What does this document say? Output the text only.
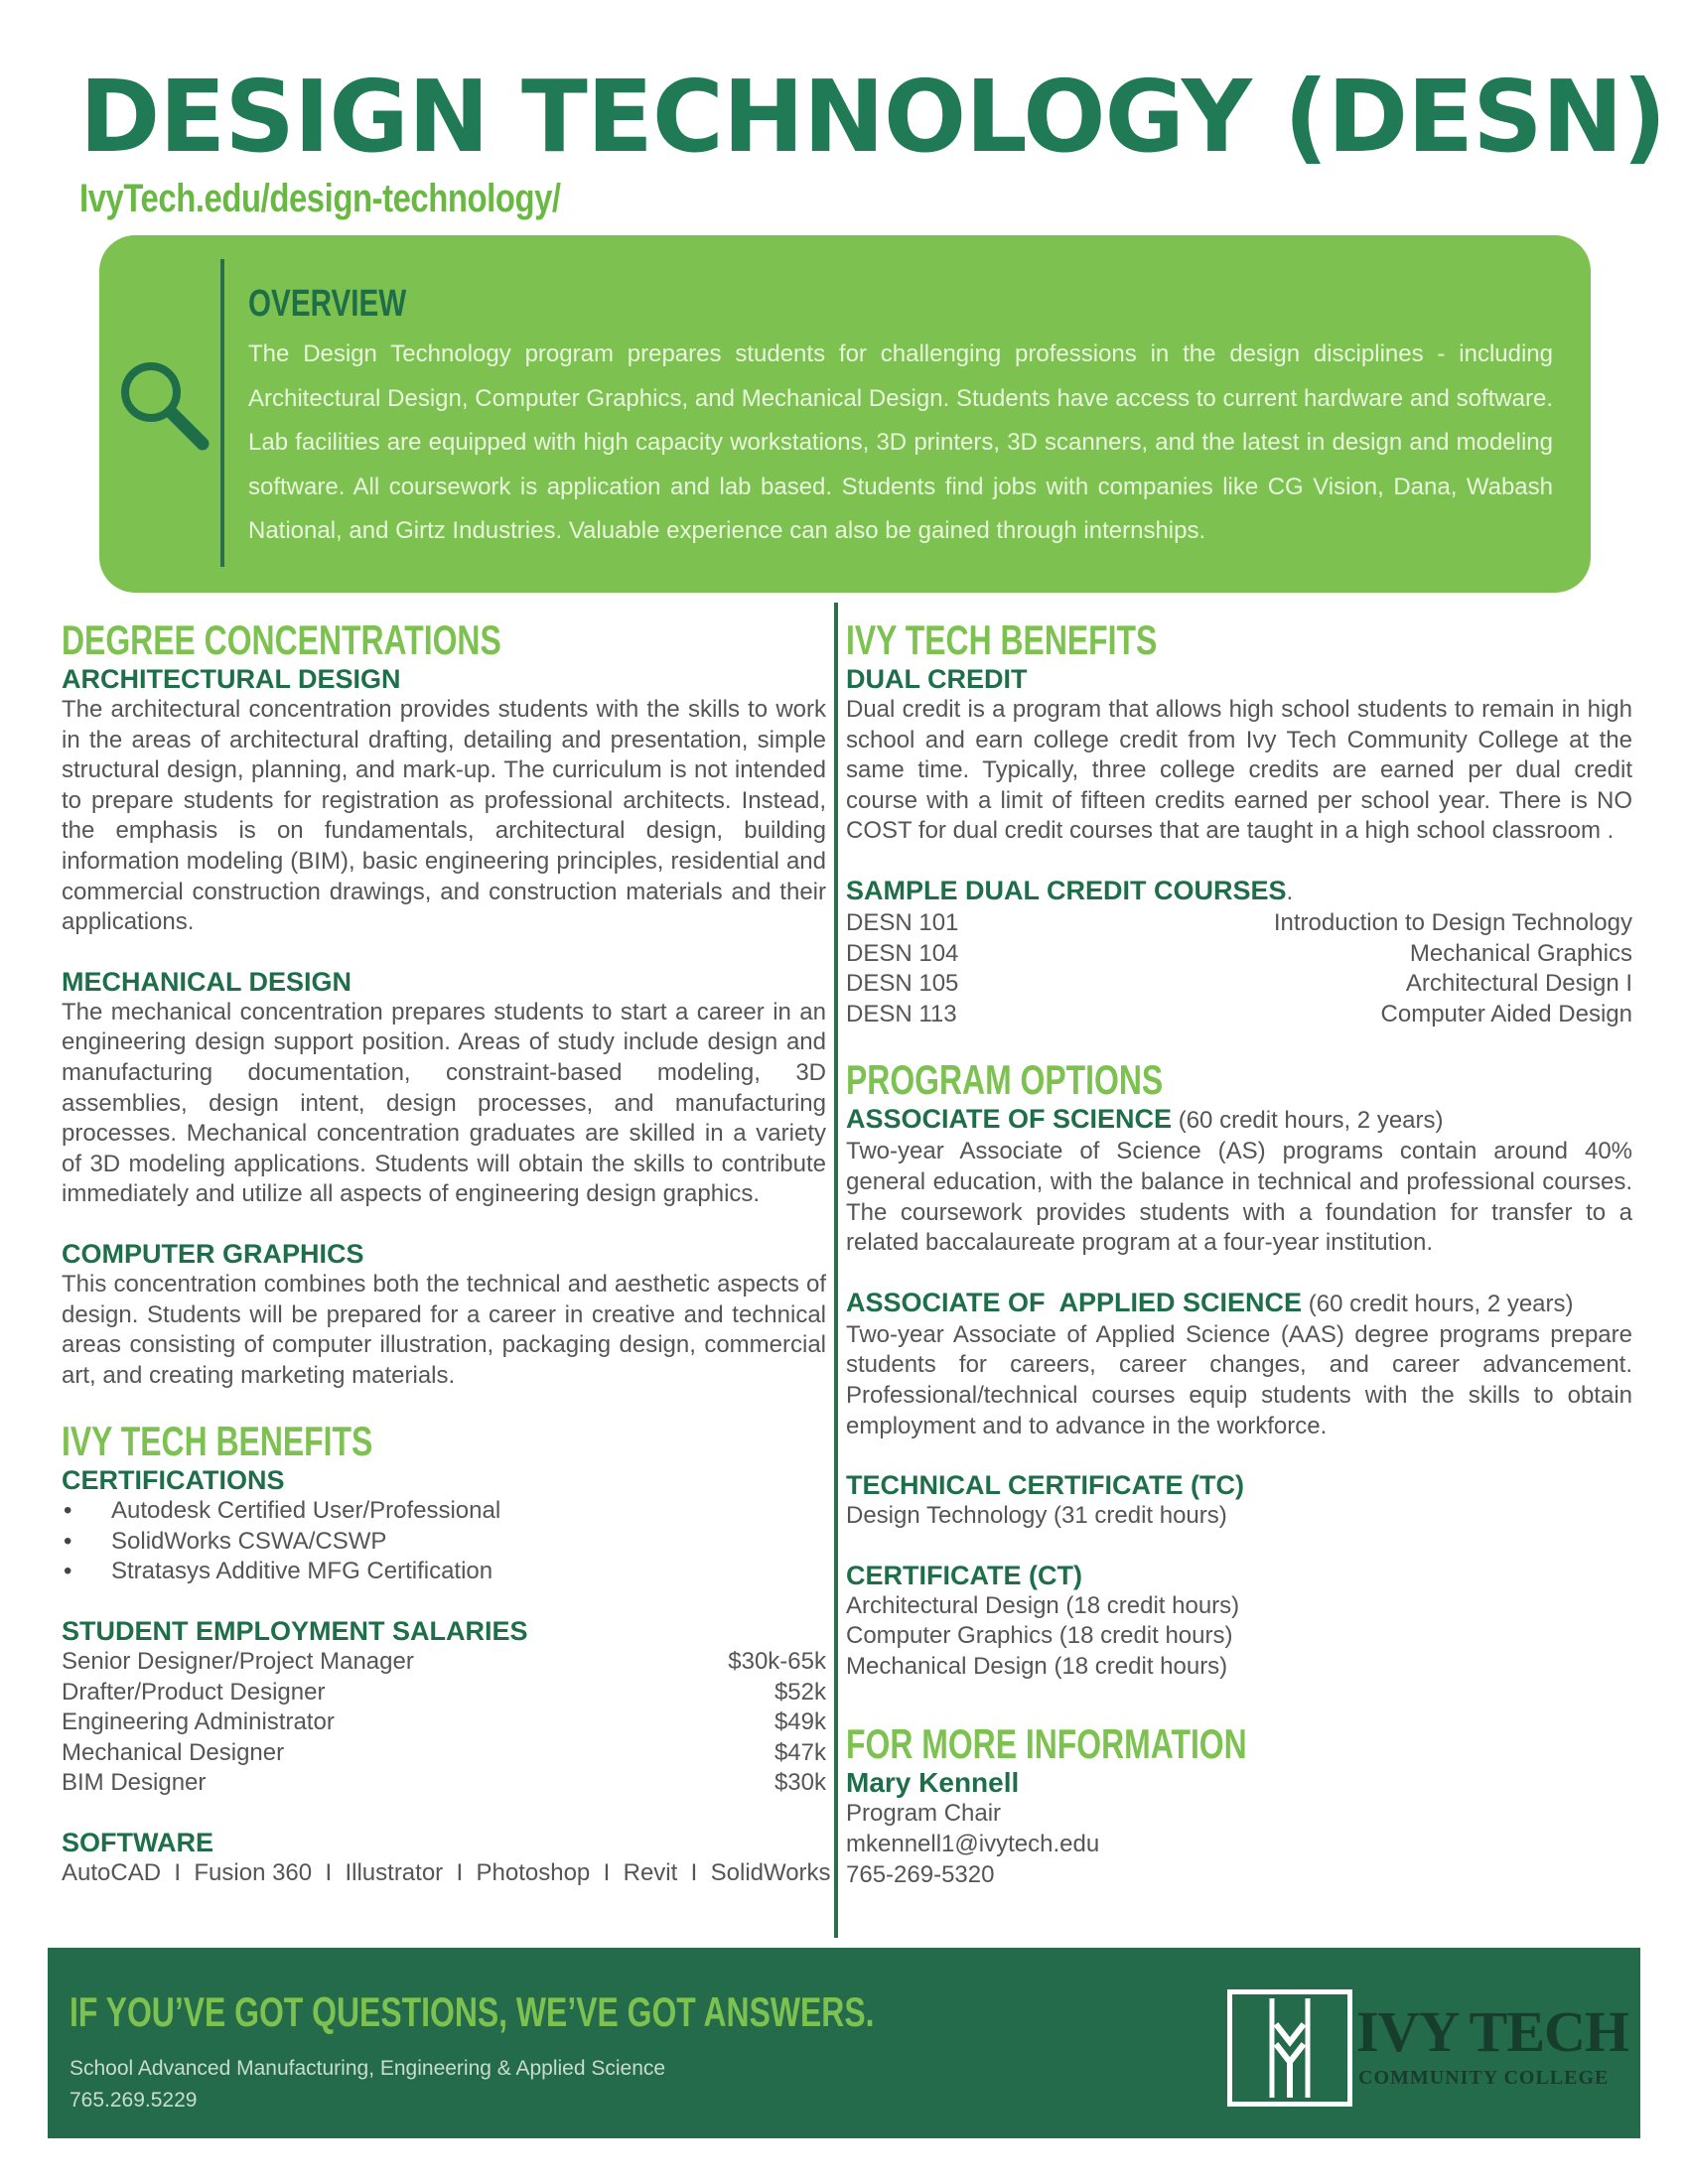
DESIGN TECHNOLOGY (DESN)
IvyTech.edu/design-technology/
OVERVIEW
The Design Technology program prepares students for challenging professions in the design disciplines - including Architectural Design, Computer Graphics, and Mechanical Design. Students have access to current hardware and software. Lab facilities are equipped with high capacity workstations, 3D printers, 3D scanners, and the latest in design and modeling software. All coursework is application and lab based. Students find jobs with companies like CG Vision, Dana, Wabash National, and Girtz Industries. Valuable experience can also be gained through internships.
DEGREE CONCENTRATIONS
ARCHITECTURAL DESIGN
The architectural concentration provides students with the skills to work in the areas of architectural drafting, detailing and presentation, simple structural design, planning, and mark-up. The curriculum is not intended to prepare students for registration as professional architects. Instead, the emphasis is on fundamentals, architectural design, building information modeling (BIM), basic engineering principles, residential and commercial construction drawings, and construction materials and their applications.
MECHANICAL DESIGN
The mechanical concentration prepares students to start a career in an engineering design support position. Areas of study include design and manufacturing documentation, constraint-based modeling, 3D assemblies, design intent, design processes, and manufacturing processes. Mechanical concentration graduates are skilled in a variety of 3D modeling applications. Students will obtain the skills to contribute immediately and utilize all aspects of engineering design graphics.
COMPUTER GRAPHICS
This concentration combines both the technical and aesthetic aspects of design. Students will be prepared for a career in creative and technical areas consisting of computer illustration, packaging design, commercial art, and creating marketing materials.
IVY TECH BENEFITS
CERTIFICATIONS
• Autodesk Certified User/Professional
• SolidWorks CSWA/CSWP
• Stratasys Additive MFG Certification
STUDENT EMPLOYMENT SALARIES
Senior Designer/Project Manager	$30k-65k
Drafter/Product Designer	$52k
Engineering Administrator	$49k
Mechanical Designer	$47k
BIM Designer	$30k
SOFTWARE
AutoCAD  I  Fusion 360  I  Illustrator  I  Photoshop  I  Revit  I  SolidWorks
IVY TECH BENEFITS
DUAL CREDIT
Dual credit is a program that allows high school students to remain in high school and earn college credit from Ivy Tech Community College at the same time. Typically, three college credits are earned per dual credit course with a limit of fifteen credits earned per school year. There is NO COST for dual credit courses that are taught in a high school classroom .
SAMPLE DUAL CREDIT COURSES.
DESN 101	Introduction to Design Technology
DESN 104	Mechanical Graphics
DESN 105	Architectural Design I
DESN 113	Computer Aided Design
PROGRAM OPTIONS
ASSOCIATE OF SCIENCE (60 credit hours, 2 years)
Two-year Associate of Science (AS) programs contain around 40% general education, with the balance in technical and professional courses. The coursework provides students with a foundation for transfer to a related baccalaureate program at a four-year institution.
ASSOCIATE OF  APPLIED SCIENCE (60 credit hours, 2 years)
Two-year Associate of Applied Science (AAS) degree programs prepare students for careers, career changes, and career advancement. Professional/technical courses equip students with the skills to obtain employment and to advance in the workforce.
TECHNICAL CERTIFICATE (TC)
Design Technology (31 credit hours)
CERTIFICATE (CT)
Architectural Design (18 credit hours)
Computer Graphics (18 credit hours)
Mechanical Design (18 credit hours)
FOR MORE INFORMATION
Mary Kennell
Program Chair
mkennell1@ivytech.edu
765-269-5320
IF YOU’VE GOT QUESTIONS, WE’VE GOT ANSWERS.
School Advanced Manufacturing, Engineering & Applied Science
765.269.5229
IVY TECH
COMMUNITY COLLEGE
